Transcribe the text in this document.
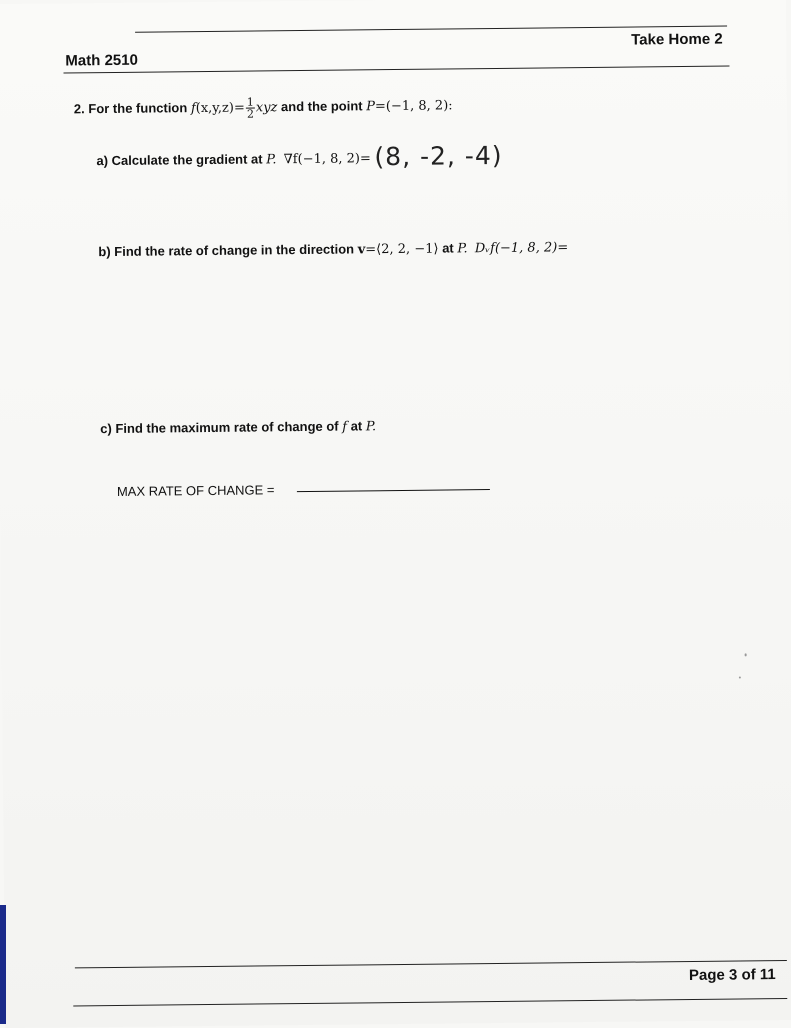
Math 2510
Take Home 2
2. For the function $f(x,y,z)= \frac{1}{2}$ xyz and the point P=(−1, 8, 2):
a) Calculate the gradient at P. ∇f(−1, 8, 2)= (8, -2, -4)
b) Find the rate of change in the direction v=⟨2, 2, −1⟩ at P. Dᵥf(−1, 8, 2)=
c) Find the maximum rate of change of f at P.
MAX RATE OF CHANGE =
Page 3 of 11
